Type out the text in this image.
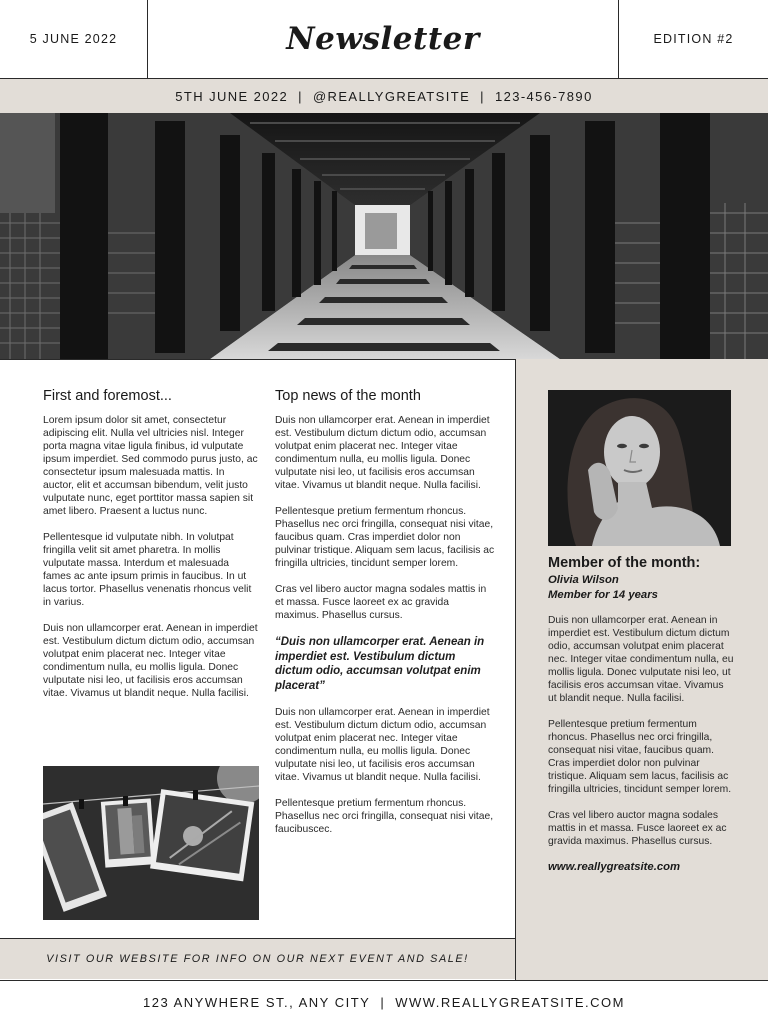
5 JUNE 2022	Newsletter	EDITION #2
5TH JUNE 2022 | @REALLYGREATSITE | 123-456-7890
First and foremost...

Lorem ipsum dolor sit amet, consectetur adipiscing elit. Nulla vel ultricies nisl. Integer porta magna vitae ligula finibus, id vulputate ipsum imperdiet. Sed commodo purus justo, ac consectetur ipsum malesuada mattis. In auctor, elit et accumsan bibendum, velit justo vulputate nunc, eget porttitor massa sapien sit amet libero. Praesent a luctus nunc.

Pellentesque id vulputate nibh. In volutpat fringilla velit sit amet pharetra. In mollis vulputate massa. Interdum et malesuada fames ac ante ipsum primis in faucibus. In ut lacus tortor. Phasellus venenatis rhoncus velit in varius.

Duis non ullamcorper erat. Aenean in imperdiet est. Vestibulum dictum dictum odio, accumsan volutpat enim placerat nec. Integer vitae condimentum nulla, eu mollis ligula. Donec vulputate nisi leo, ut facilisis eros accumsan vitae. Vivamus ut blandit neque. Nulla facilisi.

Top news of the month

Duis non ullamcorper erat. Aenean in imperdiet est. Vestibulum dictum dictum odio, accumsan volutpat enim placerat nec. Integer vitae condimentum nulla, eu mollis ligula. Donec vulputate nisi leo, ut facilisis eros accumsan vitae. Vivamus ut blandit neque. Nulla facilisi.

Pellentesque pretium fermentum rhoncus. Phasellus nec orci fringilla, consequat nisi vitae, faucibus quam. Cras imperdiet dolor non pulvinar tristique. Aliquam sem lacus, facilisis ac fringilla ultricies, tincidunt semper lorem.

Cras vel libero auctor magna sodales mattis in et massa. Fusce laoreet ex ac gravida maximus. Phasellus cursus.

“Duis non ullamcorper erat. Aenean in imperdiet est. Vestibulum dictum dictum odio, accumsan volutpat enim placerat”

Duis non ullamcorper erat. Aenean in imperdiet est. Vestibulum dictum dictum odio, accumsan volutpat enim placerat nec. Integer vitae condimentum nulla, eu mollis ligula. Donec vulputate nisi leo, ut facilisis eros accumsan vitae. Vivamus ut blandit neque. Nulla facilisi.

Pellentesque pretium fermentum rhoncus. Phasellus nec orci fringilla, consequat nisi vitae, faucibuscec.

Member of the month:
Olivia Wilson
Member for 14 years

Duis non ullamcorper erat. Aenean in imperdiet est. Vestibulum dictum dictum odio, accumsan volutpat enim placerat nec. Integer vitae condimentum nulla, eu mollis ligula. Donec vulputate nisi leo, ut facilisis eros accumsan vitae. Vivamus ut blandit neque. Nulla facilisi.

Pellentesque pretium fermentum rhoncus. Phasellus nec orci fringilla, consequat nisi vitae, faucibus quam. Cras imperdiet dolor non pulvinar tristique. Aliquam sem lacus, facilisis ac fringilla ultricies, tincidunt semper lorem.

Cras vel libero auctor magna sodales mattis in et massa. Fusce laoreet ex ac gravida maximus. Phasellus cursus.

www.reallygreatsite.com
VISIT OUR WEBSITE FOR INFO ON OUR NEXT EVENT AND SALE!
123 ANYWHERE ST., ANY CITY | WWW.REALLYGREATSITE.COM
